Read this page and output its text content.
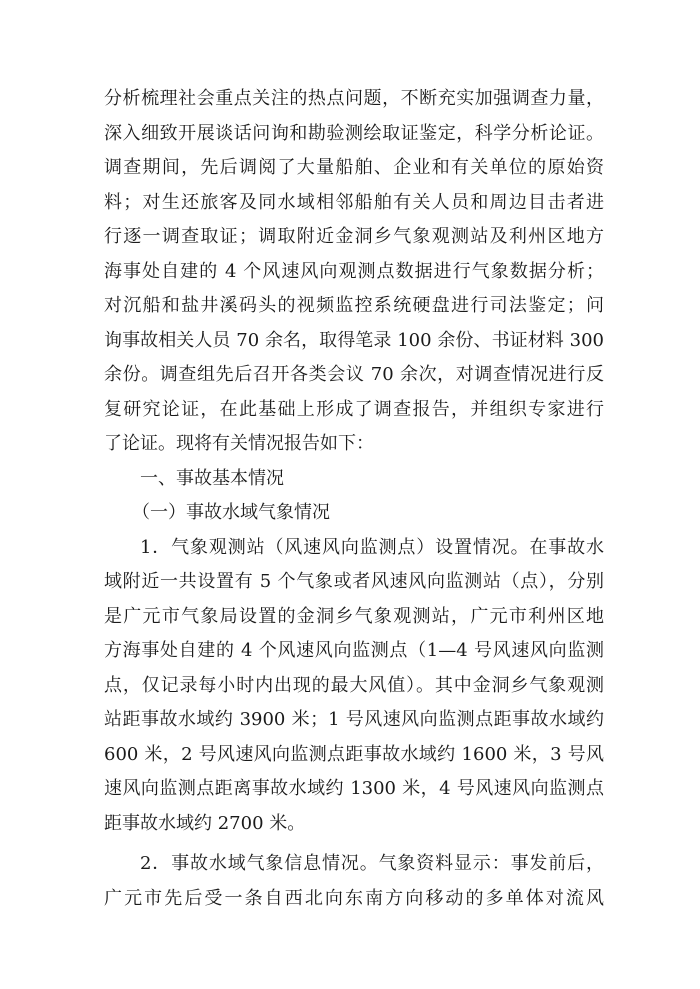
分析梳理社会重点关注的热点问题，不断充实加强调查力量，
深入细致开展谈话问询和勘验测绘取证鉴定，科学分析论证。
调查期间，先后调阅了大量船舶、企业和有关单位的原始资
料；对生还旅客及同水域相邻船舶有关人员和周边目击者进
行逐一调查取证；调取附近金洞乡气象观测站及利州区地方
海事处自建的 4 个风速风向观测点数据进行气象数据分析；
对沉船和盐井溪码头的视频监控系统硬盘进行司法鉴定；问
询事故相关人员 70 余名，取得笔录 100 余份、书证材料 300
余份。调查组先后召开各类会议 70 余次，对调查情况进行反
复研究论证，在此基础上形成了调查报告，并组织专家进行
了论证。现将有关情况报告如下：
一、事故基本情况
（一）事故水域气象情况
1．气象观测站（风速风向监测点）设置情况。在事故水
域附近一共设置有 5 个气象或者风速风向监测站（点），分别
是广元市气象局设置的金洞乡气象观测站，广元市利州区地
方海事处自建的 4 个风速风向监测点（1—4 号风速风向监测
点，仅记录每小时内出现的最大风值）。其中金洞乡气象观测
站距事故水域约 3900 米；1 号风速风向监测点距事故水域约
600 米，2 号风速风向监测点距事故水域约 1600 米，3 号风
速风向监测点距离事故水域约 1300 米，4 号风速风向监测点
距事故水域约 2700 米。
2．事故水域气象信息情况。气象资料显示：事发前后，
广元市先后受一条自西北向东南方向移动的多单体对流风
